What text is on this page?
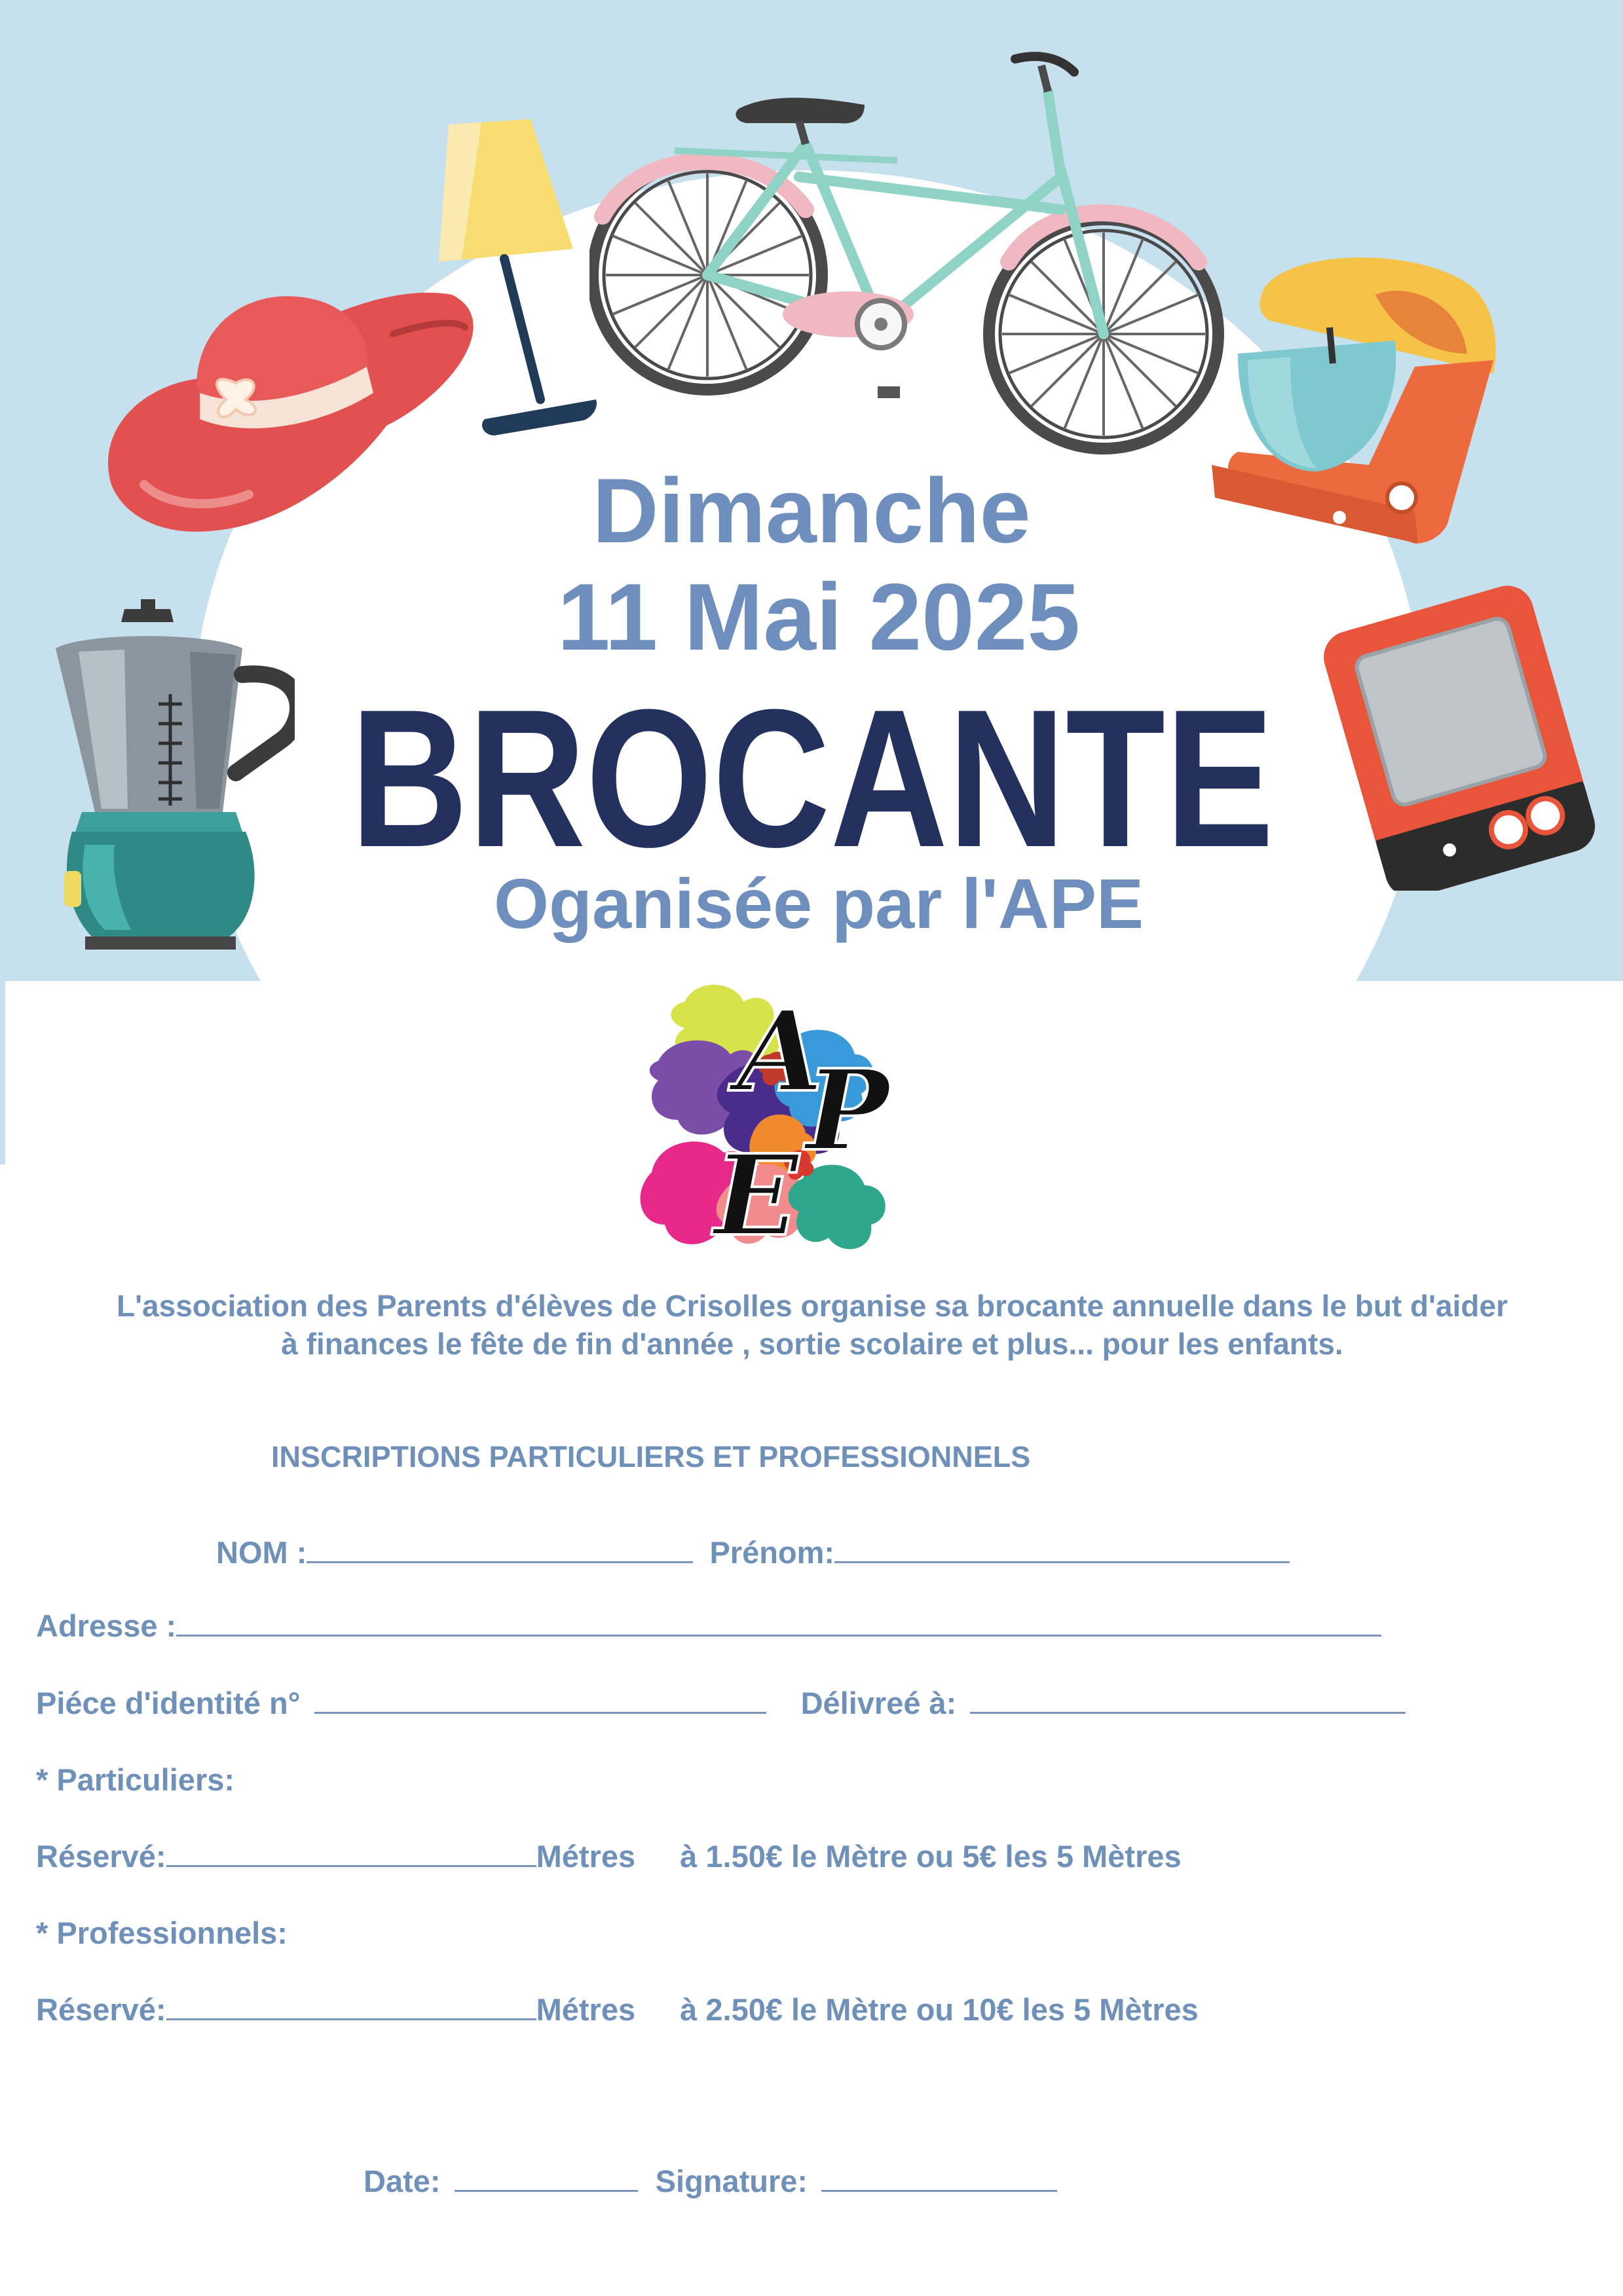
Dimanche
11 Mai 2025
BROCANTE
Oganisée par l'APE
A
P
E
L'association des Parents d'élèves de Crisolles organise sa brocante annuelle dans le but d'aider
à finances le fête de fin d'année , sortie scolaire et plus... pour les enfants.
INSCRIPTIONS PARTICULIERS ET PROFESSIONNELS
NOM :	Prénom:
Adresse :
Piéce d'identité n°	Délivreé à:
* Particuliers:
Réservé:	Métres à 1.50€ le Mètre ou 5€ les 5 Mètres
* Professionnels:
Réservé:	Métres à 2.50€ le Mètre ou 10€ les 5 Mètres
Date:	Signature:
